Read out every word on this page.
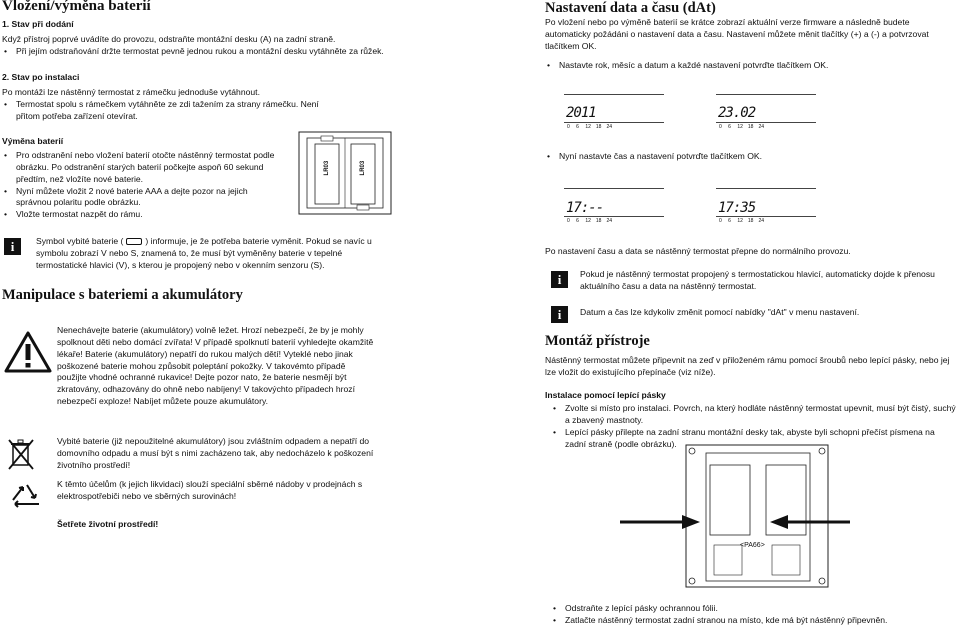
Vložení/výměna baterií
1. Stav při dodání
Když přístroj poprvé uvádíte do provozu, odstraňte montážní desku (A) na zadní straně.
• Při jejím odstraňování držte termostat pevně jednou rukou a montážní desku vytáhněte za růžek.
2. Stav po instalaci
Po montáži lze nástěnný termostat z rámečku jednoduše vytáhnout.
• Termostat spolu s rámečkem vytáhněte ze zdi tažením za strany rámečku. Není přitom potřeba zařízení otevírat.
Výměna baterií
• Pro odstranění nebo vložení baterií otočte nástěnný termostat podle obrázku. Po odstranění starých baterií počkejte aspoň 60 sekund předtím, než vložíte nové baterie.
• Nyní můžete vložit 2 nové baterie AAA a dejte pozor na jejich správnou polaritu podle obrázku.
• Vložte termostat nazpět do rámu.
LR03	LR03
i	Symbol vybité baterie (	) informuje, je že potřeba baterie vyměnit. Pokud se navíc u symbolu zobrazí V nebo S, znamená to, že musí být vyměněny baterie v tepelné termostatické hlavici (V), s kterou je propojený nebo v okenním senzoru (S).
Manipulace s bateriemi a akumulátory
Nenechávejte baterie (akumulátory) volně ležet. Hrozí nebezpečí, že by je mohly spolknout děti nebo domácí zvířata! V případě spolknutí baterií vyhledejte okamžitě lékaře! Baterie (akumulátory) nepatří do rukou malých dětí! Vyteklé nebo jinak poškozené baterie mohou způsobit poleptání pokožky. V takovémto případě použijte vhodné ochranné rukavice! Dejte pozor nato, že baterie nesmějí být zkratovány, odhazovány do ohně nebo nabíjeny! V takovýchto případech hrozí nebezpečí exploze! Nabíjet můžete pouze akumulátory.
Vybité baterie (již nepoužitelné akumulátory) jsou zvláštním odpadem a nepatří do domovního odpadu a musí být s nimi zacházeno tak, aby nedocházelo k poškození životního prostředí!
K těmto účelům (k jejich likvidaci) slouží speciální sběrné nádoby v prodejnách s elektrospotřebiči nebo ve sběrných surovinách!
Šetřete životní prostředí!
Nastavení data a času (dAt)
Po vložení nebo po výměně baterií se krátce zobrazí aktuální verze firmware a následně budete automaticky požádáni o nastavení data a času. Nastavení můžete měnit tlačítky (+) a (-) a potvrzovat tlačítkem OK.
• Nastavte rok, měsíc a datum a každé nastavení potvrďte tlačítkem OK.
2011
0  6  12  18  24
23.02
0  6  12  18  24
• Nyní nastavte čas a nastavení potvrďte tlačítkem OK.
17:--
0  6  12  18  24
17:35
0  6  12  18  24
Po nastavení času a data se nástěnný termostat přepne do normálního provozu.
i	Pokud je nástěnný termostat propojený s termostatickou hlavicí, automaticky dojde k přenosu aktuálního času a data na nástěnný termostat.
i	Datum a čas lze kdykoliv změnit pomocí nabídky "dAt" v menu nastavení.
Montáž přístroje
Nástěnný termostat můžete připevnit na zeď v přiloženém rámu pomocí šroubů nebo lepící pásky, nebo jej lze vložit do existujícího přepínače (viz níže).
Instalace pomocí lepící pásky
• Zvolte si místo pro instalaci. Povrch, na který hodláte nástěnný termostat upevnit, musí být čistý, suchý a zbavený mastnoty.
• Lepící pásky přilepte na zadní stranu montážní desky tak, abyste byli schopni přečíst písmena na zadní straně (podle obrázku).
<PA66>
• Odstraňte z lepící pásky ochrannou fólii.
• Zatlačte nástěnný termostat zadní stranou na místo, kde má být nástěnný připevněn.
